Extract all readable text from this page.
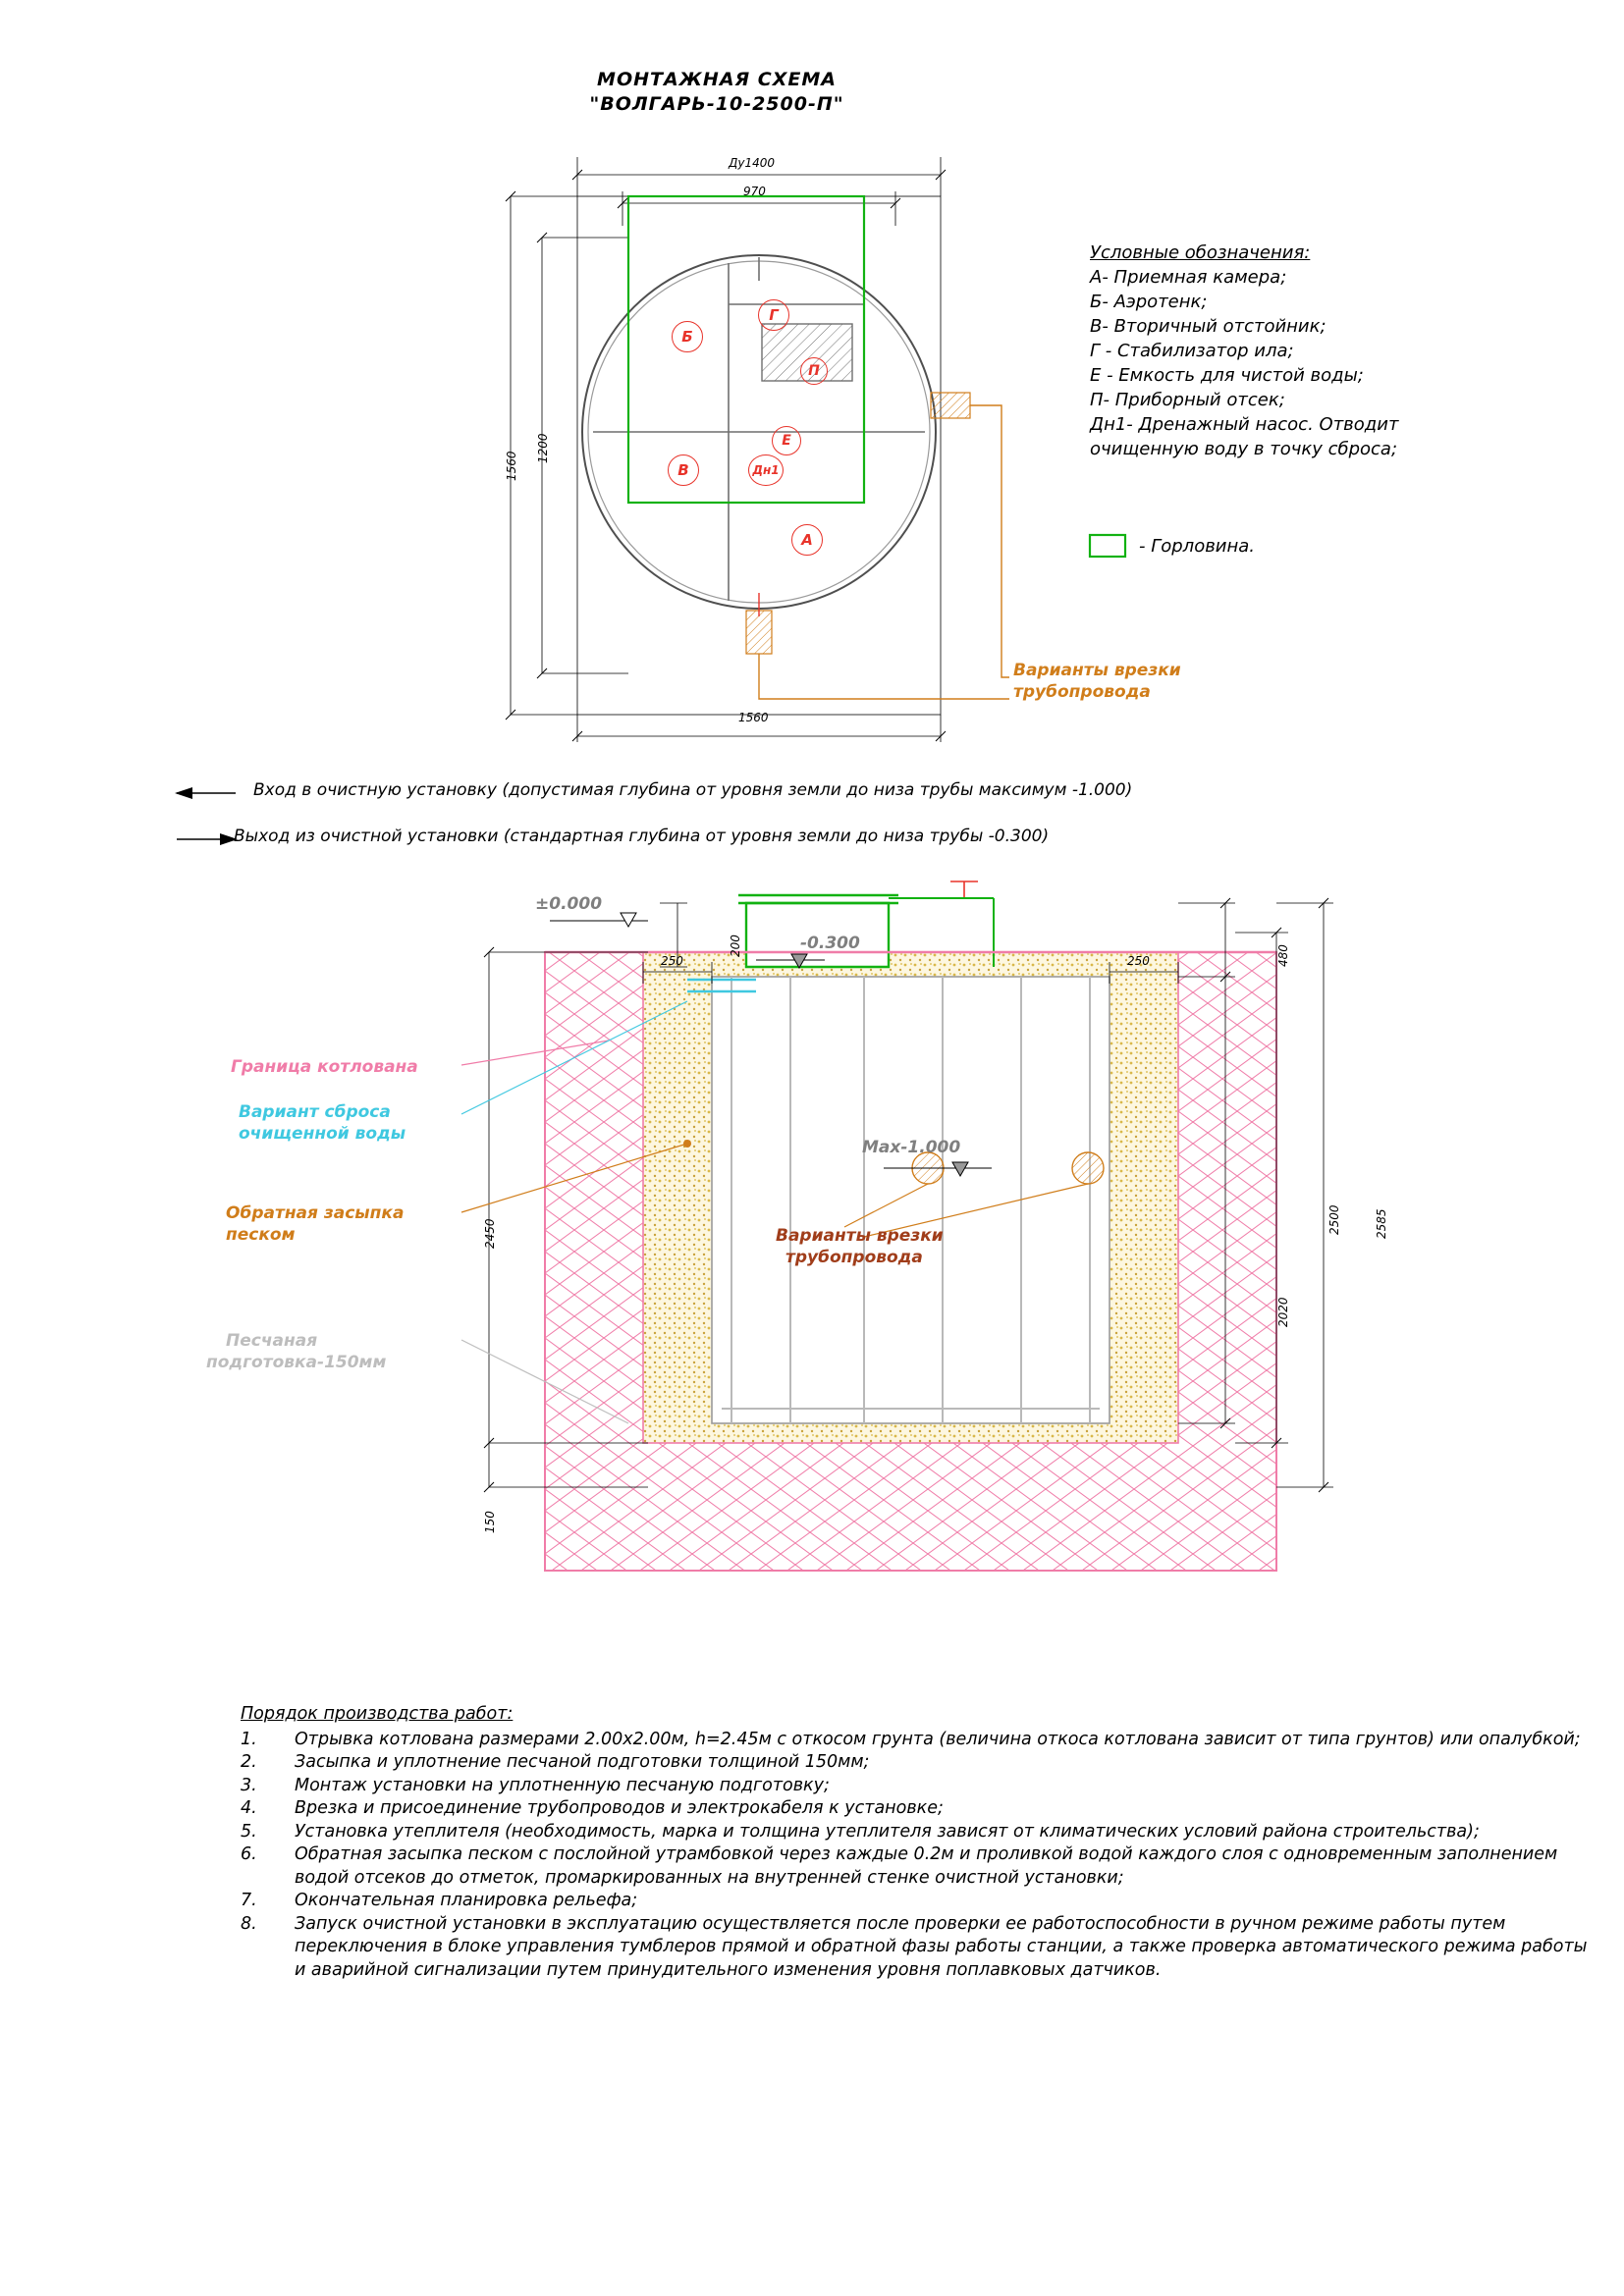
МОНТАЖНАЯ СХЕМА
"ВОЛГАРЬ-10-2500-П"
Ду1400
970
1560
1560
1200
Б
Г
П
В
Е
Дн1
А
Условные обозначения:
А- Приемная камера;
Б- Аэротенк;
В- Вторичный отстойник;
Г - Стабилизатор ила;
Е - Емкость для чистой воды;
П- Приборный отсек;
Дн1- Дренажный насос. Отводит
очищенную воду в точку сброса;
- Горловина.
Варианты врезки
трубопровода
Вход в очистную установку (допустимая глубина от уровня земли до низа трубы максимум -1.000)
Выход из очистной установки (стандартная глубина от уровня земли до низа трубы -0.300)
±0.000
-0.300
Мах-1.000
200	480
250	250
2450
150
2020
2500	2585
Граница котлована
Вариант сброса
очищенной воды
Обратная засыпка
песком
Песчаная
подготовка-150мм
Варианты врезки
трубопровода
Порядок производства работ:
1.	Отрывка котлована размерами 2.00х2.00м, h=2.45м с откосом грунта (величина откоса котлована зависит от типа грунтов) или опалубкой;
2.	Засыпка и уплотнение песчаной подготовки толщиной 150мм;
3.	Монтаж установки на уплотненную песчаную подготовку;
4.	Врезка и присоединение трубопроводов и электрокабеля к установке;
5.	Установка утеплителя (необходимость, марка и толщина утеплителя зависят от климатических условий района строительства);
6.	Обратная засыпка песком с послойной утрамбовкой через каждые 0.2м и проливкой водой каждого слоя с одновременным заполнением водой отсеков до отметок, промаркированных на внутренней стенке очистной установки;
7.	Окончательная планировка рельефа;
8.	Запуск очистной установки в эксплуатацию осуществляется после проверки ее работоспособности в ручном режиме работы путем переключения в блоке управления тумблеров прямой и обратной фазы работы станции, а также проверка автоматического режима работы и аварийной сигнализации путем принудительного изменения уровня поплавковых датчиков.
